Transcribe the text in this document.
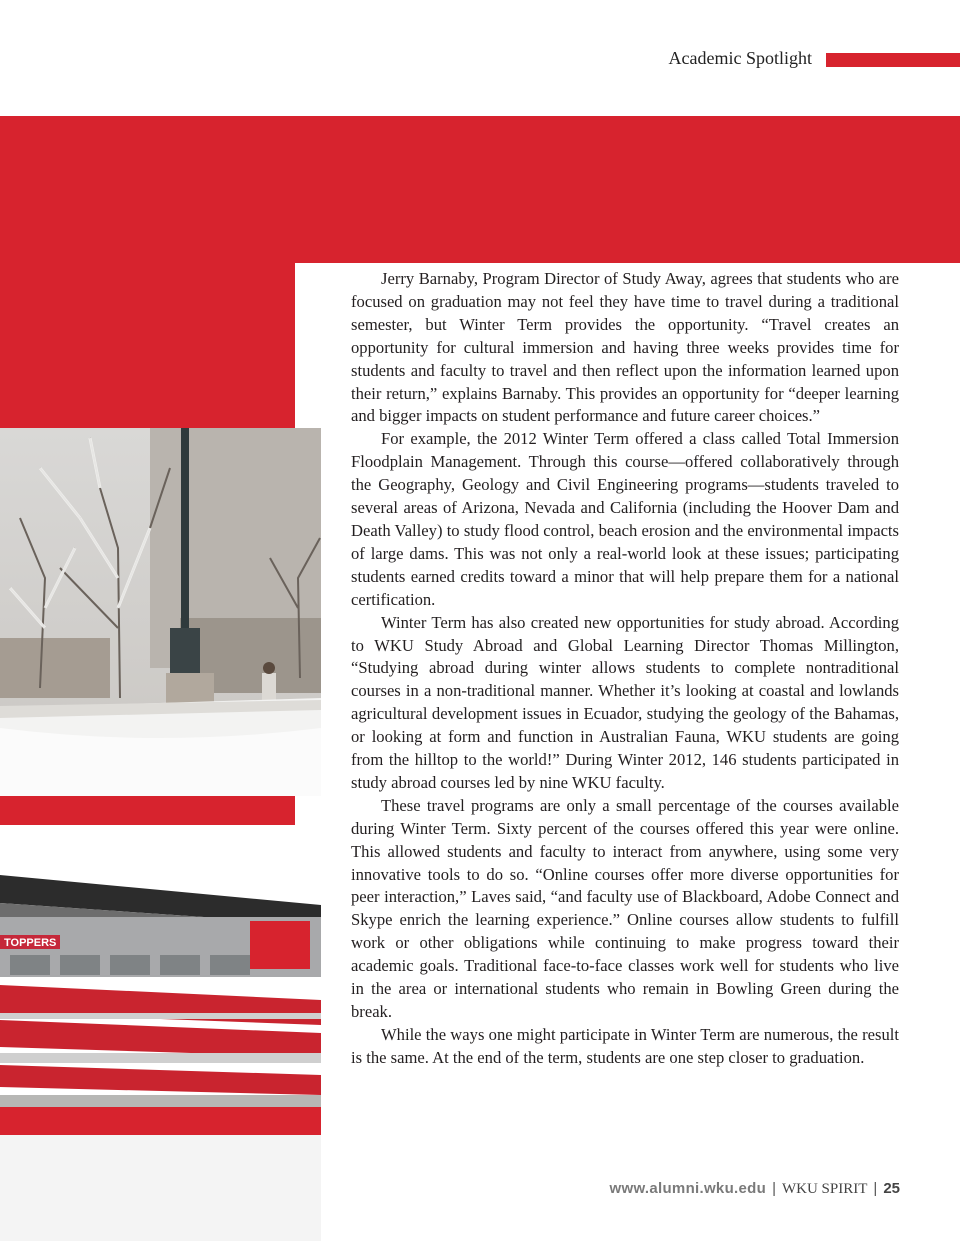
Academic Spotlight
TOPPERS

Jerry Barnaby, Program Director of Study Away, agrees that students who are focused on graduation may not feel they have time to travel during a traditional semester, but Winter Term provides the opportunity. “Travel creates an opportunity for cultural immersion and having three weeks provides time for students and faculty to travel and then reflect upon the information learned upon their return,” explains Barnaby. This provides an opportunity for “deeper learning and bigger impacts on student performance and future career choices.”

For example, the 2012 Winter Term offered a class called Total Immersion Floodplain Management. Through this course—offered collaboratively through the Geography, Geology and Civil Engineering programs—students traveled to several areas of Arizona, Nevada and California (including the Hoover Dam and Death Valley) to study flood control, beach erosion and the environmental impacts of large dams. This was not only a real-world look at these issues; participating students earned credits toward a minor that will help prepare them for a national certification.

Winter Term has also created new opportunities for study abroad. According to WKU Study Abroad and Global Learning Director Thomas Millington, “Studying abroad during winter allows students to complete nontraditional courses in a non-traditional manner. Whether it’s looking at coastal and lowlands agricultural development issues in Ecuador, studying the geology of the Bahamas, or looking at form and function in Australian Fauna, WKU students are going from the hilltop to the world!” During Winter 2012, 146 students participated in study abroad courses led by nine WKU faculty.

These travel programs are only a small percentage of the courses available during Winter Term. Sixty percent of the courses offered this year were online. This allowed students and faculty to interact from anywhere, using some very innovative tools to do so. “Online courses offer more diverse opportunities for peer interaction,” Laves said, “and faculty use of Blackboard, Adobe Connect and Skype enrich the learning experience.” Online courses allow students to fulfill work or other obligations while continuing to make progress toward their academic goals. Traditional face-to-face classes work well for students who live in the area or international students who remain in Bowling Green during the break.

While the ways one might participate in Winter Term are numerous, the result is the same. At the end of the term, students are one step closer to graduation.

www.alumni.wku.edu | WKU SPIRIT | 25
